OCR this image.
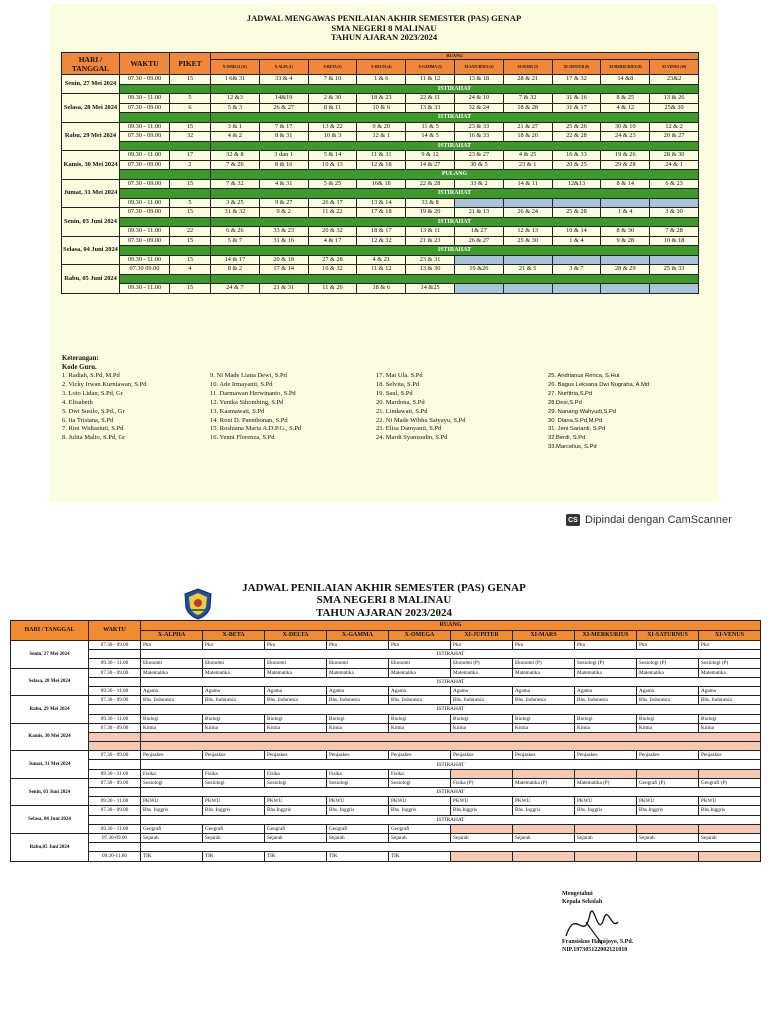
JADWAL MENGAWAS PENILAIAN AKHIR SEMESTER (PAS) GENAP
SMA NEGERI 8 MALINAU
TAHUN AJARAN 2023/2024
HARI / TANGGAL	WAKTU	PIKET	RUANG									
			X-OMEGA (11)	X-ALPA (1)	X-BETA (3)	X-DELTA (4)	X-GAMMA (5)	XI-SATURNUS (6)	XI-MARS (7)	XI-JUPITER (8)	XI-MERKURIUS (9)	XI-VENUS (10)
Senin, 27 Mei 2024	07.30 - 09.00	15	1 6& 31	33 & 4	7 & 10	1 & 6	11 & 12	13 & 18	28 & 21	17 & 32	14 &8	23&2
			ISTIRAHAT									
Selasa, 28 Mei 2024	09.30 - 11.00	5	12 &3	14&19	2 & 30	18 & 23	22 & 11	24 & 10	7 & 32	31 & 16	8 & 25	13 & 26
	07.30 - 09.00	6	5 & 3	26 & 27	8 & 11	10 & 6	13 & 33	32 & 24	18 & 28	31 & 17	4 & 12	25& 30
			ISTIRAHAT									
Rabu, 29 Mei 2024	09.30 - 11.00	15	3 & 1	7 & 17	13 & 22	9 & 20	11 & 5	23 & 33	21 & 27	25 & 26	30 & 10	12 & 2
	07.30 - 09.00	32	4 & 2	8 & 31	10 & 3	12 & 1	14 & 5	16 & 33	18 & 26	22 & 28	24 & 23	20 & 27
			ISTIRAHAT									
Kamis, 30 Mei 2024	09.30 - 11.00	17	32 & 8	3 dan 1	5 & 14	11 & 31	9 & 12	23 & 27	4 & 25	16 & 33	19 & 26	28 & 30
	07.30 - 09.00	2	7 & 26	8 & 16	10 & 13	12 & 18	14 & 27	30 & 5	23 & 1	20 & 25	29 & 28	24 & 1
			PULANG									
Jumat, 31 Mei 2024	07.30 - 09.00	15	7 & 32	4 & 31	5 & 25	16& 18	22 & 28	33 & 2	14 & 11	12&13	8 & 14	6 & 23
			ISTIRAHAT									
	09.30 - 11.00	5	3 & 25	9 & 27	26 & 17	13 & 14	33 & 8					
Senin, 03 Juni 2024	07.30 - 09.00	15	31 & 32	9 & 2	11 & 22	17 & 18	19 & 20	21 & 13	26 & 24	25 & 28	1 & 4	3 & 30
			ISTIRAHAT									
	09.30 - 11.00	22	6 & 26	33 & 23	20 & 32	18 & 17	13 & 11	1& 27	12 & 13	10 & 14	8 & 30	7 & 28
Selasa, 04 Juni 2024	07.30 - 09.00	15	5 & 7	31 & 16	4 & 17	12 & 32	21 & 23	26 & 27	25 & 30	1 & 4	9 & 28	10 & 18
			ISTIRAHAT									
	09.30 - 11.00	15	14 & 17	20 & 18	27 & 28	4 & 21	23 & 31					
Rabu, 05 Juni 2024	07.30 09.00	4	8 & 2	17 & 14	16 & 32	11 & 12	13 & 30	19 &26	21 & 5	3 & 7	28 & 29	25 & 33

	09.30 - 11.00	15	24 & 7	21 & 31	11 & 26	18 & 6	14 &25					
Keterangan:
Kode Guru.
1. Radiah, S.Pd, M.Pd
2. Vicky Irwan Kurniawan, S.Pd
3. Loto Lidan, S.Pd, Gr
4. Elisabeth
5. Dwi Susilo, S.Pd., Gr
6. Ita Trisiana, S.Pd
7. Rini Widiastuti, S.Pd
8. Julita Malto, S.Pd, Gr
9. Ni Made Liana Dewi, S.Pd
10. Ade Irmayanti, S.Pd
11. Darmawan Herwinanto, S.Pd
12. Yunika Sihombing, S.Pd
13. Kasmawati, S.Pd
14. Roni D. Paembonan, S.Pd
15. Roshiana Maria A.D.P.G., S.Pd
16. Yenni Florenza, S.Pd
17. Mat Ula. S.Pd
18. Selvita, S.Pd
19. Saul, S.Pd
20. Mardona, S.Pd
21. Lindawati, S.Pd
22. Ni Made Wibhu Satyayu, S.Pd
23. Elisa Damyanti, S.Pd
24. Mardi Syamsudin, S.Pd
25. Andrianus Renca, S.Hut
26. Bagus Leksana Dwi Nugraha, A.Md
27. Nurfitria,S.Pd
28.Desi,S.Pd
29. Nanang Wahyudi,S.Pd
30. Diana,S.Pd,M.Pd
31. Jeni Sarianti, S.Pd
32.Berdi, S.Pd
33.Marcelius, S.Pd
CS Dipindai dengan CamScanner
JADWAL PENILAIAN AKHIR SEMESTER (PAS) GENAP
SMA NEGERI 8 MALINAU
TAHUN AJARAN 2023/2024
HARI / TANGGAL	WAKTU	RUANG									
		X-ALPHA	X-BETA	X-DELTA	X-GAMMA	X-OMEGA	XI-JUPITER	XI-MARS	XI-MERKURIUS	XI-SATURNUS	XI-VENUS
Senin, 27 Mei 2024	07.30 - 09.00	Pkn	Pkn	Pkn	Pkn	Pkn	Pkn	Pkn	Pkn	Pkn	Pkn
		ISTIRAHAT									
	09.30 - 11.00	Ekonomi	Ekonomi	Ekonomi	Ekonomi	Ekonomi	Ekonomi (P)	Ekonomi (P)	Sosiologi (P)	Sosiologi (P)	Sosiologi (P)
Selasa, 28 Mei 2024	07.30 - 09.00	Matematika	Matematika	Matematika	Matematika	Matematika	Matematika	Matematika	Matematika	Matematika	Matematika
		ISTIRAHAT									
	09.30 - 11.00	Agama	Agama	Agama	Agama	Agama	Agama	Agama	Agama	Agama	Agama
Rabu, 29 Mei 2024	07.30 - 09.00	Bhs. Indonesia	Bhs. Indonesia	Bhs. Indonesia	Bhs. Indonesia	Bhs. Indonesia	Bhs. Indonesia	Bhs. Indonesia	Bhs. Indonesia	Bhs. Indonesia	Bhs. Indonesia
		ISTIRAHAT									
	09.30 - 11.00	Biologi	Biologi	Biologi	Biologi	Biologi	Biologi	Biologi	Biologi	Biologi	Biologi
Kamis, 30 Mei 2024	07.30 - 09.00	Kimia	Kimia	Kimia	Kimia	Kimia	Kimia	Kimia	Kimia	Kimia	Kimia

Jumat, 31 Mei 2024	07.30 - 09.00	Penjaskes	Penjaskes	Penjaskes	Penjaskes	Penjaskes	Penjaskes	Penjaskes	Penjaskes	Penjaskes	Penjaskes
		ISTIRAHAT									
	09.30 - 11.00	Fisika	Fisika	Fisika	Fisika	Fisika					
Senin, 03 Juni 2024	07.30 - 09.00	Sosiologi	Sosiologi	Sosiologi	Sosiologi	Sosiologi	Fisika (P)	Matematika (P)	Matematika (P)	Geografi (P)	Geografi (P)
		ISTIRAHAT									
	09.30 - 11.00	PKWU	PKWU	PKWU	PKWU	PKWU	PKWU	PKWU	PKWU	PKWU	PKWU
Selasa, 04 Juni 2024	07.30 - 09.00	Bhs. Inggris	Bhs. Inggris	Bhs.Inggris	Bhs. Inggris	Bhs. Inggris	Bhs.Inggris	Bhs. Inggris	Bhs. Inggris	Bhs.Inggris	Bhs.Inggris
		ISTIRAHAT									
	09.30 - 11.00	Geografi	Geografi	Geografi	Geografi	Geografi					
Rabu,05 Juni 2024	07.30-09.00	Sejarah	Sejarah	Sejarah	Sejarah	Sejarah	Sejarah	Sejarah	Sejarah	Sejarah	Sejarah

	09.30-11.00	TIK	TIK	TIK	TIK	TIK					
Mengetahui
Kepala Sekolah
Fransiskus Hamijoyo, S.Pd.
NIP.197305122002121010
